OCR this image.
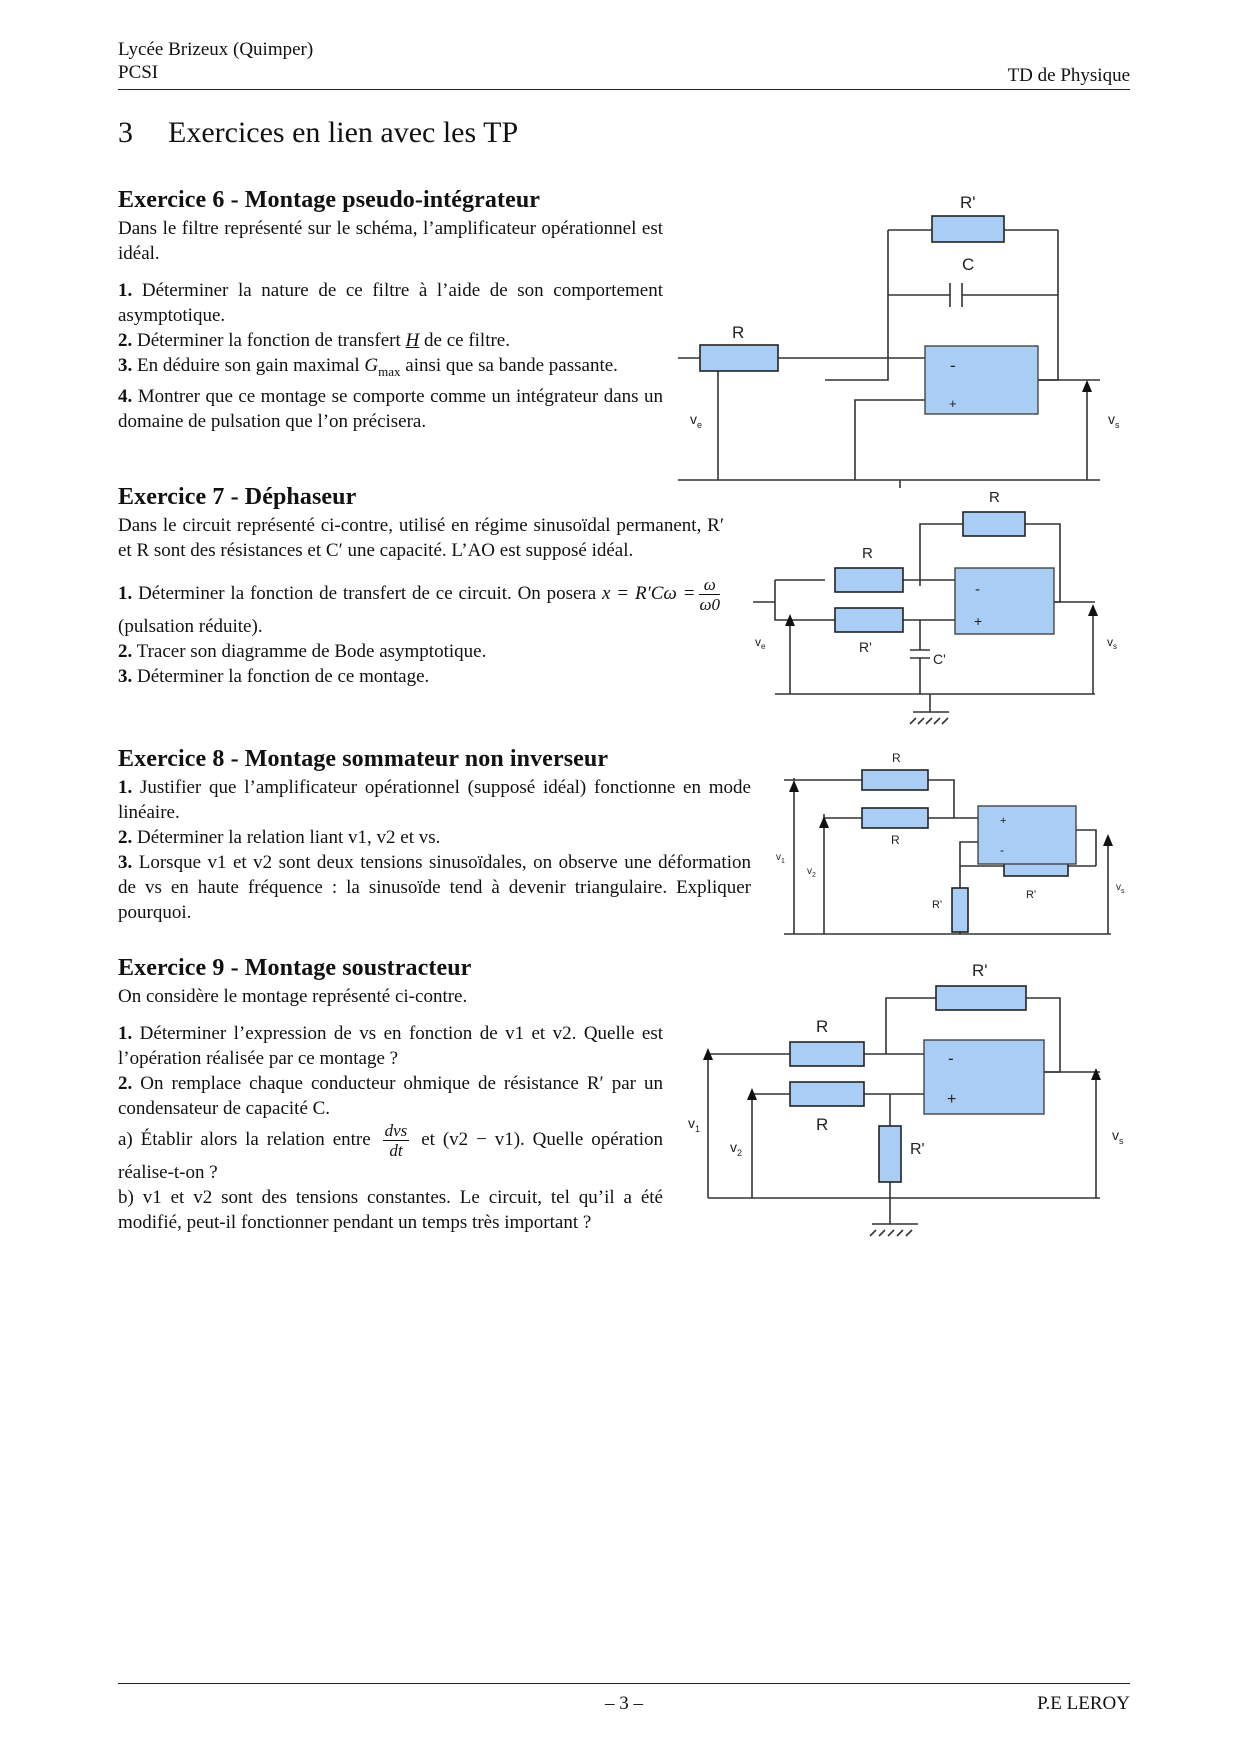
Lycée Brizeux (Quimper)
PCSI	TD de Physique
3 Exercices en lien avec les TP
Exercice 6 - Montage pseudo-intégrateur

Dans le filtre représenté sur le schéma, l’amplificateur opérationnel est idéal.

1. Déterminer la nature de ce filtre à l’aide de son comportement asymptotique.

2. Déterminer la fonction de transfert H de ce filtre.

3. En déduire son gain maximal $G_{max}$ ainsi que sa bande passante.

4. Montrer que ce montage se comporte comme un intégrateur dans un domaine de pulsation que l’on précisera.

R'
C
R
-
+
$v_e$	$v_s$
Exercice 7 - Déphaseur

Dans le circuit représenté ci-contre, utilisé en régime sinusoïdal permanent, R′ et R sont des résistances et C′ une capacité. L’AO est supposé idéal.

1. Déterminer la fonction de transfert de ce circuit. On posera $x = R'C\omega = \frac{\omega}{\omega 0}$
(pulsation réduite).

2. Tracer son diagramme de Bode asymptotique.

3. Déterminer la fonction de ce montage.

R
R
R'
C'
-
+
$v_e$	$v_s$
Exercice 8 - Montage sommateur non inverseur

1. Justifier que l’amplificateur opérationnel (supposé idéal) fonctionne en mode linéaire.

2. Déterminer la relation liant v1, v2 et vs.

3. Lorsque v1 et v2 sont deux tensions sinusoïdales, on observe une déformation de vs en haute fréquence : la sinusoïde tend à devenir triangulaire. Expliquer pourquoi.

R
R
R'
R'
+
-
$v_1$
$v_2$
$v_s$
Exercice 9 - Montage soustracteur

On considère le montage représenté ci-contre.

1. Déterminer l’expression de vs en fonction de v1 et v2. Quelle est l’opération réalisée par ce montage ?

2. On remplace chaque conducteur ohmique de résistance R′ par un condensateur de capacité C.

a) Établir alors la relation entre $\frac{\text{dvs}}{dt}$ et (v2 − v1). Quelle opération réalise-t-on ?

b) v1 et v2 sont des tensions constantes. Le circuit, tel qu’il a été modifié, peut-il fonctionner pendant un temps très important ?

R'
R
R
R'
-
+
$v_1$
$v_2$
$v_s$
– 3 –	P.E LEROY
